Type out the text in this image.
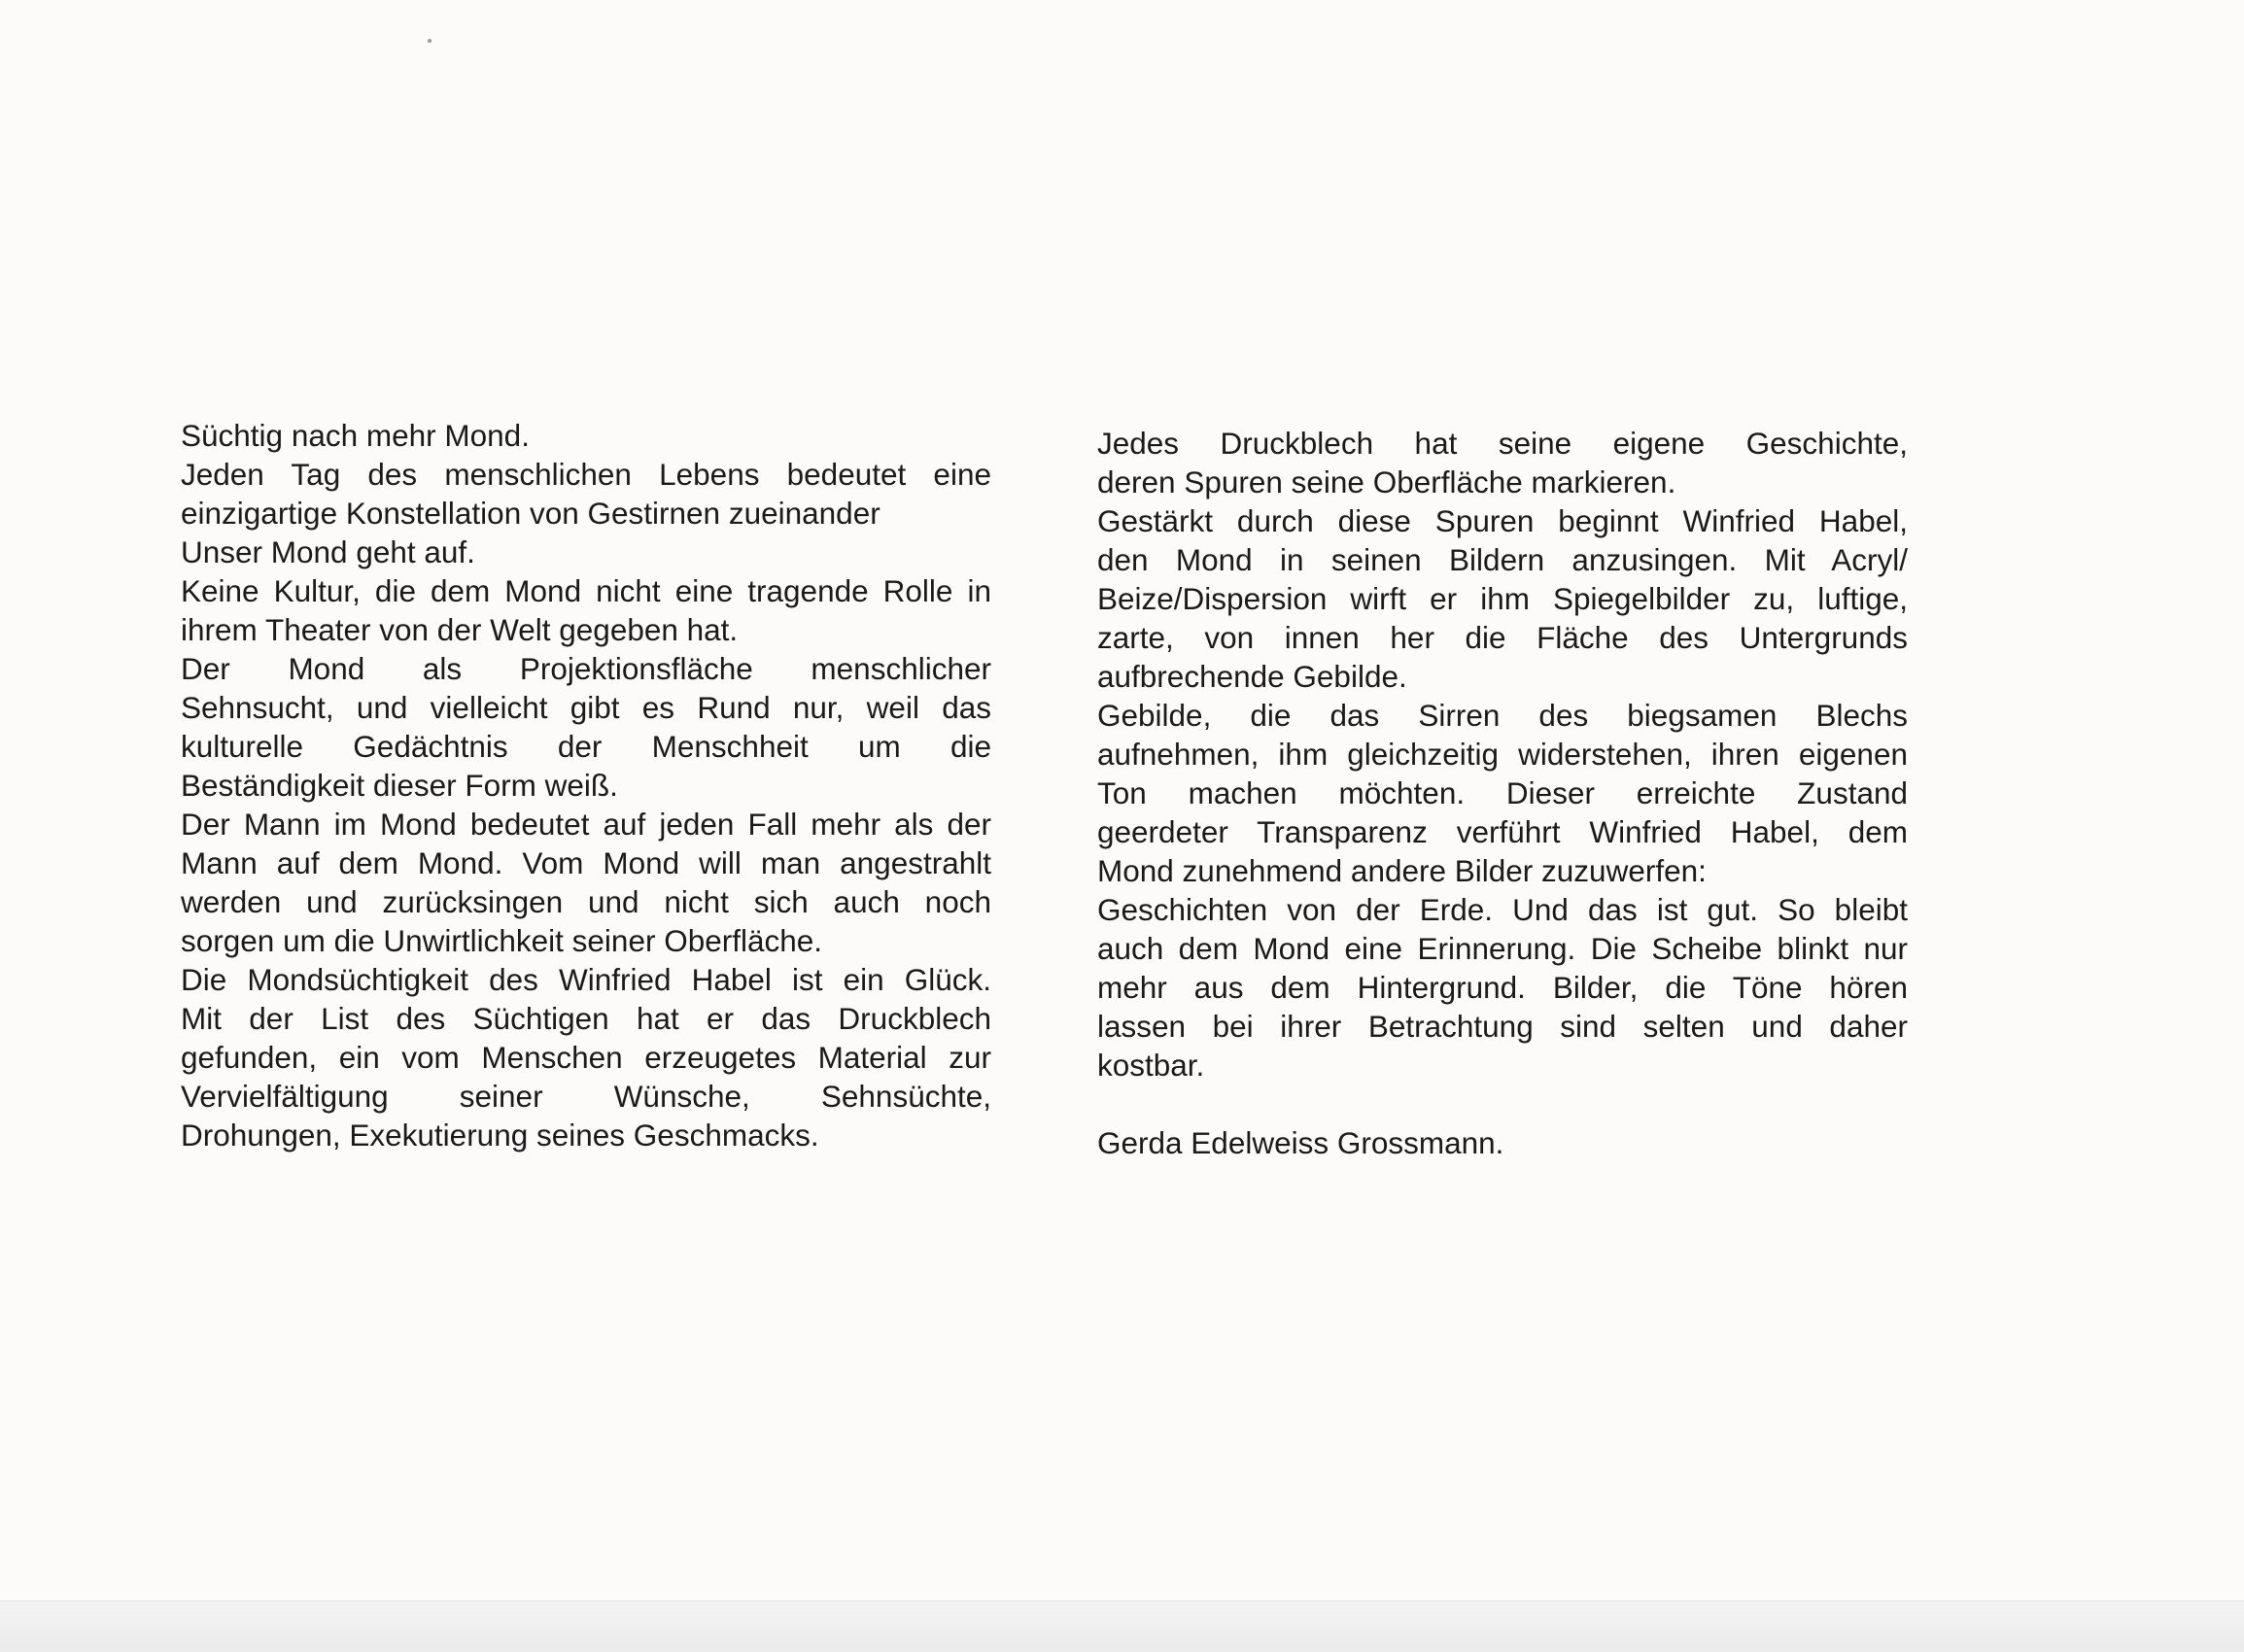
Süchtig nach mehr Mond.
Jeden Tag des menschlichen Lebens bedeutet eine
einzigartige Konstellation von Gestirnen zueinander
Unser Mond geht auf.
Keine Kultur, die dem Mond nicht eine tragende Rolle in
ihrem Theater von der Welt gegeben hat.
Der Mond als Projektionsfläche menschlicher
Sehnsucht, und vielleicht gibt es Rund nur, weil das
kulturelle Gedächtnis der Menschheit um die
Beständigkeit dieser Form weiß.
Der Mann im Mond bedeutet auf jeden Fall mehr als der
Mann auf dem Mond. Vom Mond will man angestrahlt
werden und zurücksingen und nicht sich auch noch
sorgen um die Unwirtlichkeit seiner Oberfläche.
Die Mondsüchtigkeit des Winfried Habel ist ein Glück.
Mit der List des Süchtigen hat er das Druckblech
gefunden, ein vom Menschen erzeugetes Material zur
Vervielfältigung seiner Wünsche, Sehnsüchte,
Drohungen, Exekutierung seines Geschmacks.
Jedes Druckblech hat seine eigene Geschichte,
deren Spuren seine Oberfläche markieren.
Gestärkt durch diese Spuren beginnt Winfried Habel,
den Mond in seinen Bildern anzusingen. Mit Acryl/
Beize/Dispersion wirft er ihm Spiegelbilder zu, luftige,
zarte, von innen her die Fläche des Untergrunds
aufbrechende Gebilde.
Gebilde, die das Sirren des biegsamen Blechs
aufnehmen, ihm gleichzeitig widerstehen, ihren eigenen
Ton machen möchten. Dieser erreichte Zustand
geerdeter Transparenz verführt Winfried Habel, dem
Mond zunehmend andere Bilder zuzuwerfen:
Geschichten von der Erde. Und das ist gut. So bleibt
auch dem Mond eine Erinnerung. Die Scheibe blinkt nur
mehr aus dem Hintergrund. Bilder, die Töne hören
lassen bei ihrer Betrachtung sind selten und daher
kostbar.
Gerda Edelweiss Grossmann.
